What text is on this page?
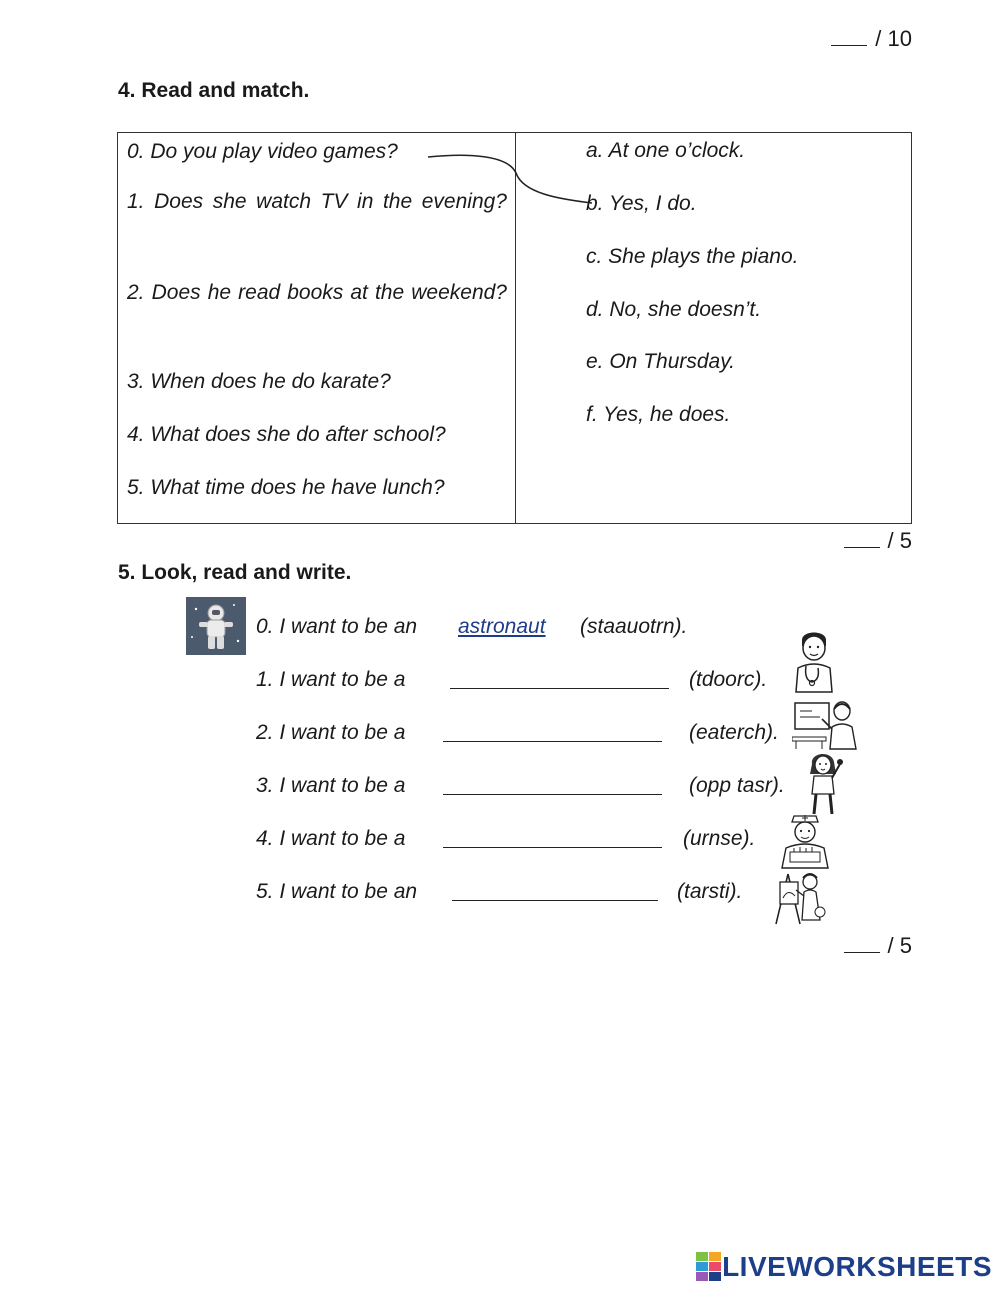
/ 10
4. Read and match.
0. Do you play video games?
1. Does she watch TV in the evening?
2. Does he read books at the weekend?
3. When does he do karate?
4. What does she do after school?
5. What time does he have lunch?
a. At one o’clock.
b. Yes, I do.
c. She plays the piano.
d. No, she doesn’t.
e. On Thursday.
f. Yes, he does.
/ 5
5. Look, read and write.
0. I want to be an astronaut (staauotrn).
1. I want to be a	(tdoorc).
2. I want to be a	(eaterch).
3. I want to be a	(opp tasr).
4. I want to be a	(urnse).
5. I want to be an	(tarsti).
/ 5
LIVEWORKSHEETS
